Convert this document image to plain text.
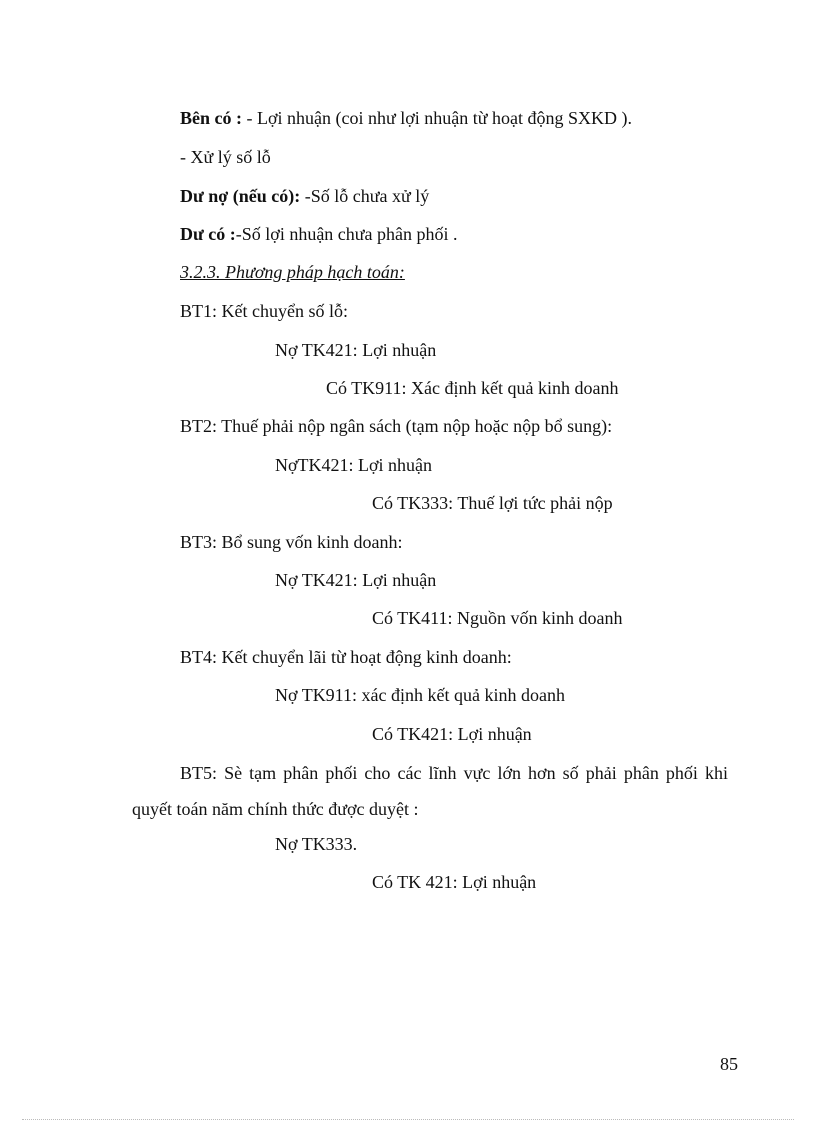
Bên có : - Lợi nhuận (coi như lợi nhuận từ hoạt động SXKD ).
- Xử lý số lỗ
Dư nợ (nếu có): -Số lỗ chưa xử lý
Dư có :-Số lợi nhuận chưa phân phối .
3.2.3. Phương pháp hạch toán:
BT1: Kết chuyển số lỗ:
Nợ TK421: Lợi nhuận
Có TK911: Xác định kết quả kinh doanh
BT2: Thuế phải nộp ngân sách (tạm nộp hoặc nộp bổ sung):
NợTK421: Lợi nhuận
Có TK333: Thuế lợi tức phải nộp
BT3: Bổ sung vốn kinh doanh:
Nợ TK421: Lợi nhuận
Có TK411: Nguồn vốn kinh doanh
BT4: Kết chuyển lãi từ hoạt động kinh doanh:
Nợ TK911: xác định kết quả kinh doanh
Có TK421: Lợi nhuận
BT5: Sè tạm phân phối cho các lĩnh vực lớn hơn số phải phân phối khi
quyết toán năm chính thức được duyệt :
Nợ TK333.
Có TK 421: Lợi nhuận
85
